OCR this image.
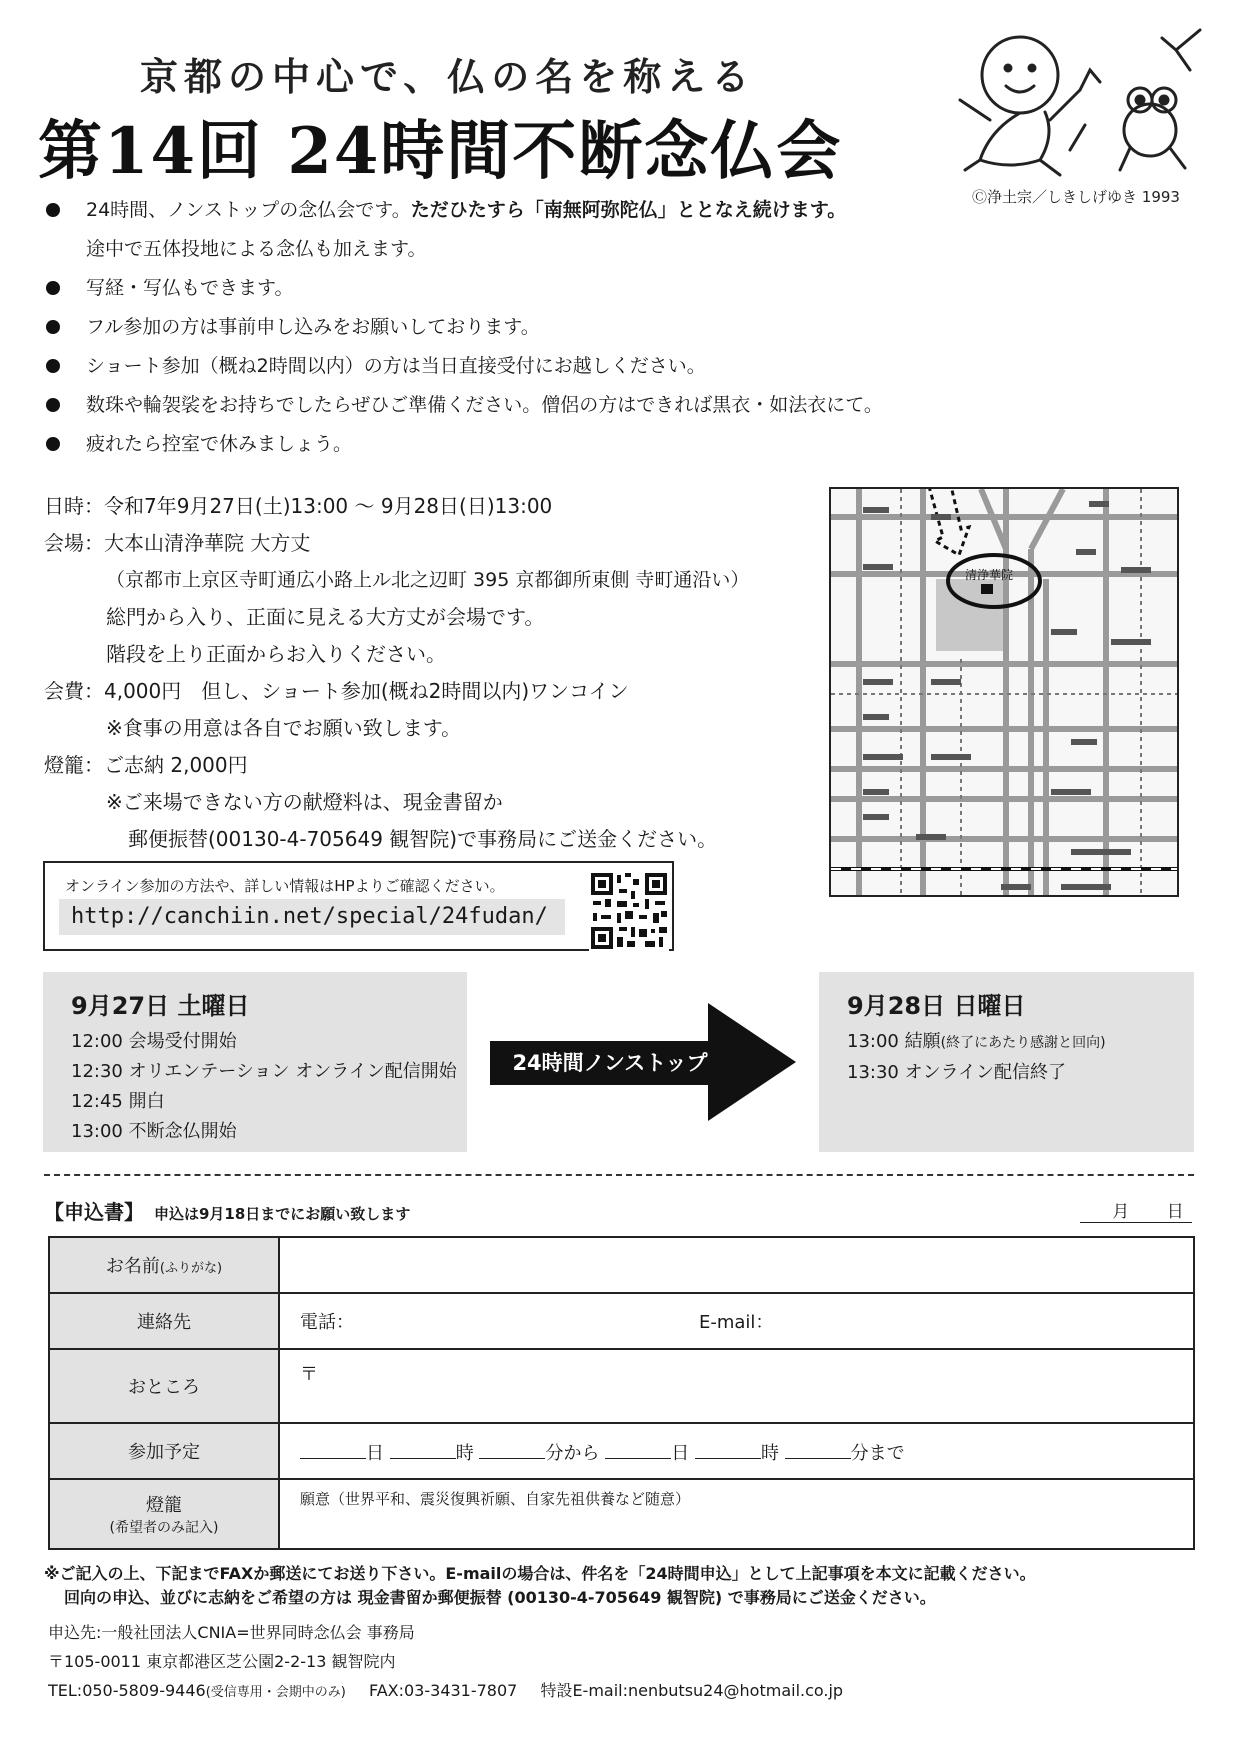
京都の中心で、仏の名を称える
第14回 24時間不断念仏会
Ⓒ浄土宗／しきしげゆき 1993
24時間、ノンストップの念仏会です。ただひたすら「南無阿弥陀仏」ととなえ続けます。
途中で五体投地による念仏も加えます。
写経・写仏もできます。
フル参加の方は事前申し込みをお願いしております。
ショート参加（概ね2時間以内）の方は当日直接受付にお越しください。
数珠や輪袈裟をお持ちでしたらぜひご準備ください。僧侶の方はできれば黒衣・如法衣にて。
疲れたら控室で休みましょう。
日時：令和7年9月27日(土)13:00 ～ 9月28日(日)13:00
会場：大本山清浄華院 大方丈
（京都市上京区寺町通広小路上ル北之辺町 395 京都御所東側 寺町通沿い）
総門から入り、正面に見える大方丈が会場です。
階段を上り正面からお入りください。
会費：4,000円　但し、ショート参加(概ね2時間以内)ワンコイン
※食事の用意は各自でお願い致します。
燈籠：ご志納 2,000円
※ご来場できない方の献燈料は、現金書留か
郵便振替(00130-4-705649 観智院)で事務局にご送金ください。
オンライン参加の方法や、詳しい情報はHPよりご確認ください。
http://canchiin.net/special/24fudan/
清浄華院
9月27日 土曜日
12:00 会場受付開始
12:30 オリエンテーション オンライン配信開始
12:45 開白
13:00 不断念仏開始
24時間ノンストップ
9月28日 日曜日
13:00 結願(終了にあたり感謝と回向)
13:30 オンライン配信終了
【申込書】 申込は9月18日までにお願い致します	月 日
お名前(ふりがな)	
連絡先	電話： E-mail：

おところ	〒
参加予定	日 時 分から 日 時 分まで

燈籠
(希望者のみ記入)	願意（世界平和、震災復興祈願、自家先祖供養など随意）
※ご記入の上、下記までFAXか郵送にてお送り下さい。E-mailの場合は、件名を「24時間申込」として上記事項を本文に記載ください。
回向の申込、並びに志納をご希望の方は 現金書留か郵便振替 (00130-4-705649 観智院) で事務局にご送金ください。
申込先:一般社団法人CNIA=世界同時念仏会 事務局
〒105-0011 東京都港区芝公園2-2-13 観智院内
TEL:050-5809-9446(受信専用・会期中のみ) FAX:03-3431-7807 特設E-mail:nenbutsu24@hotmail.co.jp
